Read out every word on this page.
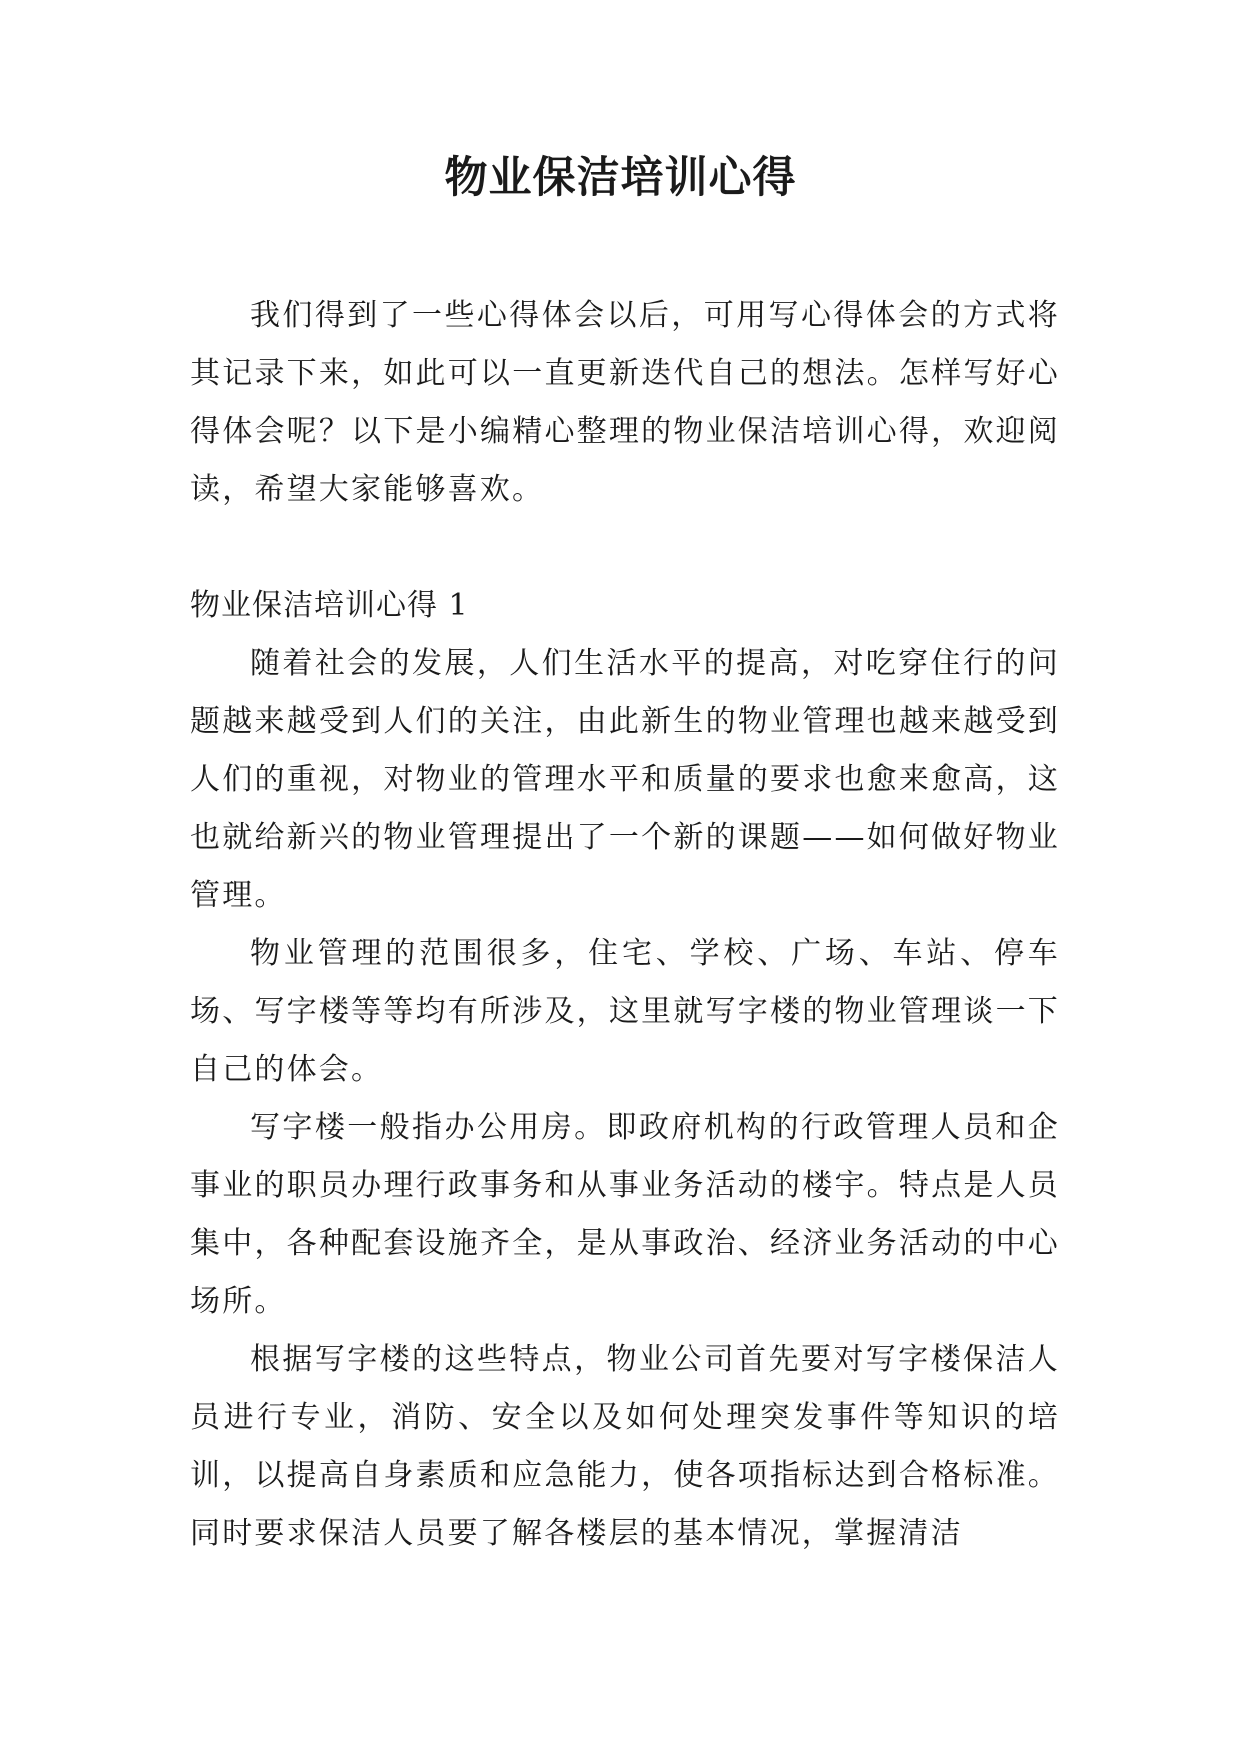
物业保洁培训心得

我们得到了一些心得体会以后，可用写心得体会的方式将其记录下来，如此可以一直更新迭代自己的想法。怎样写好心得体会呢？以下是小编精心整理的物业保洁培训心得，欢迎阅读，希望大家能够喜欢。

物业保洁培训心得 1

随着社会的发展，人们生活水平的提高，对吃穿住行的问题越来越受到人们的关注，由此新生的物业管理也越来越受到人们的重视，对物业的管理水平和质量的要求也愈来愈高，这也就给新兴的物业管理提出了一个新的课题——如何做好物业管理。

物业管理的范围很多，住宅、学校、广场、车站、停车场、写字楼等等均有所涉及，这里就写字楼的物业管理谈一下自己的体会。

写字楼一般指办公用房。即政府机构的行政管理人员和企事业的职员办理行政事务和从事业务活动的楼宇。特点是人员集中，各种配套设施齐全，是从事政治、经济业务活动的中心场所。

根据写字楼的这些特点，物业公司首先要对写字楼保洁人员进行专业，消防、安全以及如何处理突发事件等知识的培训，以提高自身素质和应急能力，使各项指标达到合格标准。同时要求保洁人员要了解各楼层的基本情况，掌握清洁
